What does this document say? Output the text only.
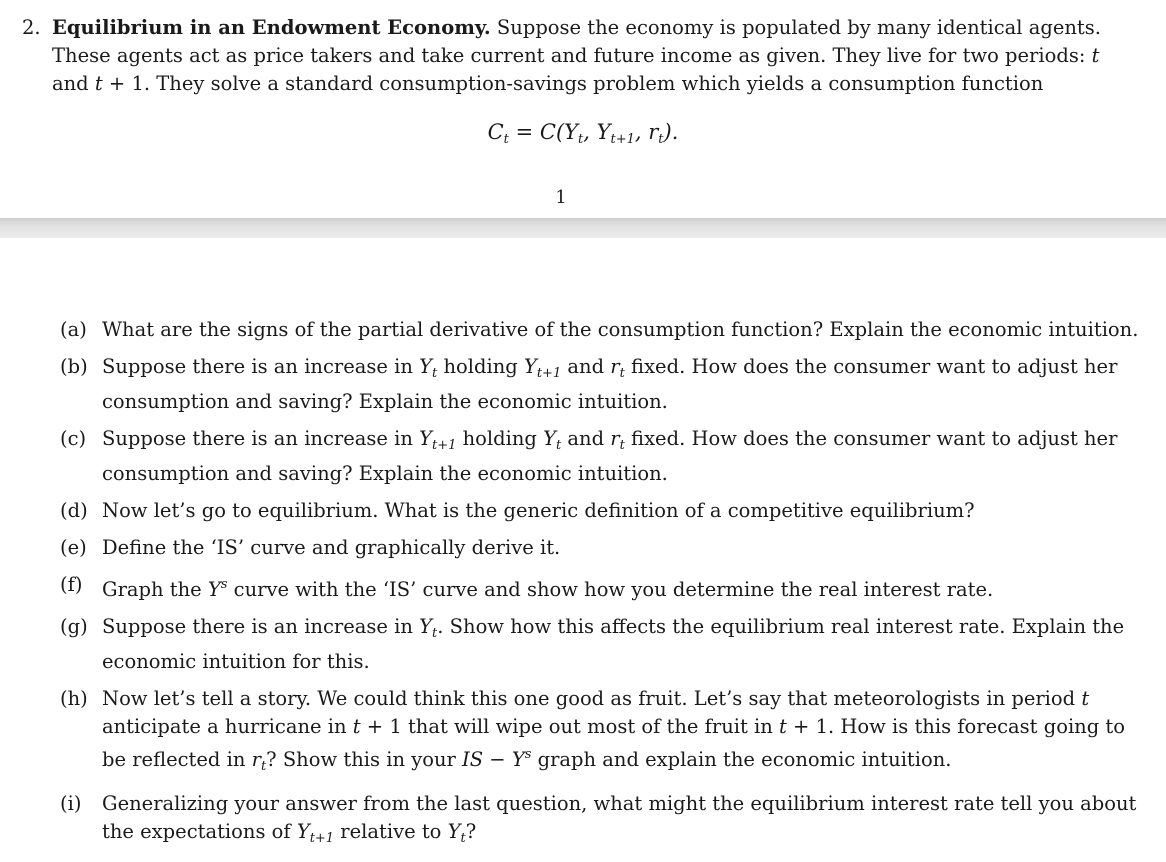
2. Equilibrium in an Endowment Economy. Suppose the economy is populated by many identical agents.
These agents act as price takers and take current and future income as given. They live for two periods: t
and t + 1. They solve a standard consumption-savings problem which yields a consumption function
$C_t = C(Y_t$, $Y_{t+1}$, $r_t$).
1
(a) What are the signs of the partial derivative of the consumption function? Explain the economic intuition.
(b) Suppose there is an increase in $Y_t$ holding $Y_{t+1}$ and $r_t$ fixed. How does the consumer want to adjust her consumption and saving? Explain the economic intuition.
(c) Suppose there is an increase in $Y_{t+1}$ holding $Y_t$ and $r_t$ fixed. How does the consumer want to adjust her consumption and saving? Explain the economic intuition.
(d) Now let’s go to equilibrium. What is the generic definition of a competitive equilibrium?
(e) Define the ‘IS’ curve and graphically derive it.
(f)	Graph the $Y^s$ curve with the ‘IS’ curve and show how you determine the real interest rate.
(g) Suppose there is an increase in $Y_t$. Show how this affects the equilibrium real interest rate. Explain the economic intuition for this.
(h) Now let’s tell a story. We could think this one good as fruit. Let’s say that meteorologists in period t anticipate a hurricane in t + 1 that will wipe out most of the fruit in t + 1. How is this forecast going to be reflected in $r_t$? Show this in your IS − $Y^s$ graph and explain the economic intuition.
(i)	Generalizing your answer from the last question, what might the equilibrium interest rate tell you about the expectations of $Y_{t+1}$ relative to $Y_t$?
